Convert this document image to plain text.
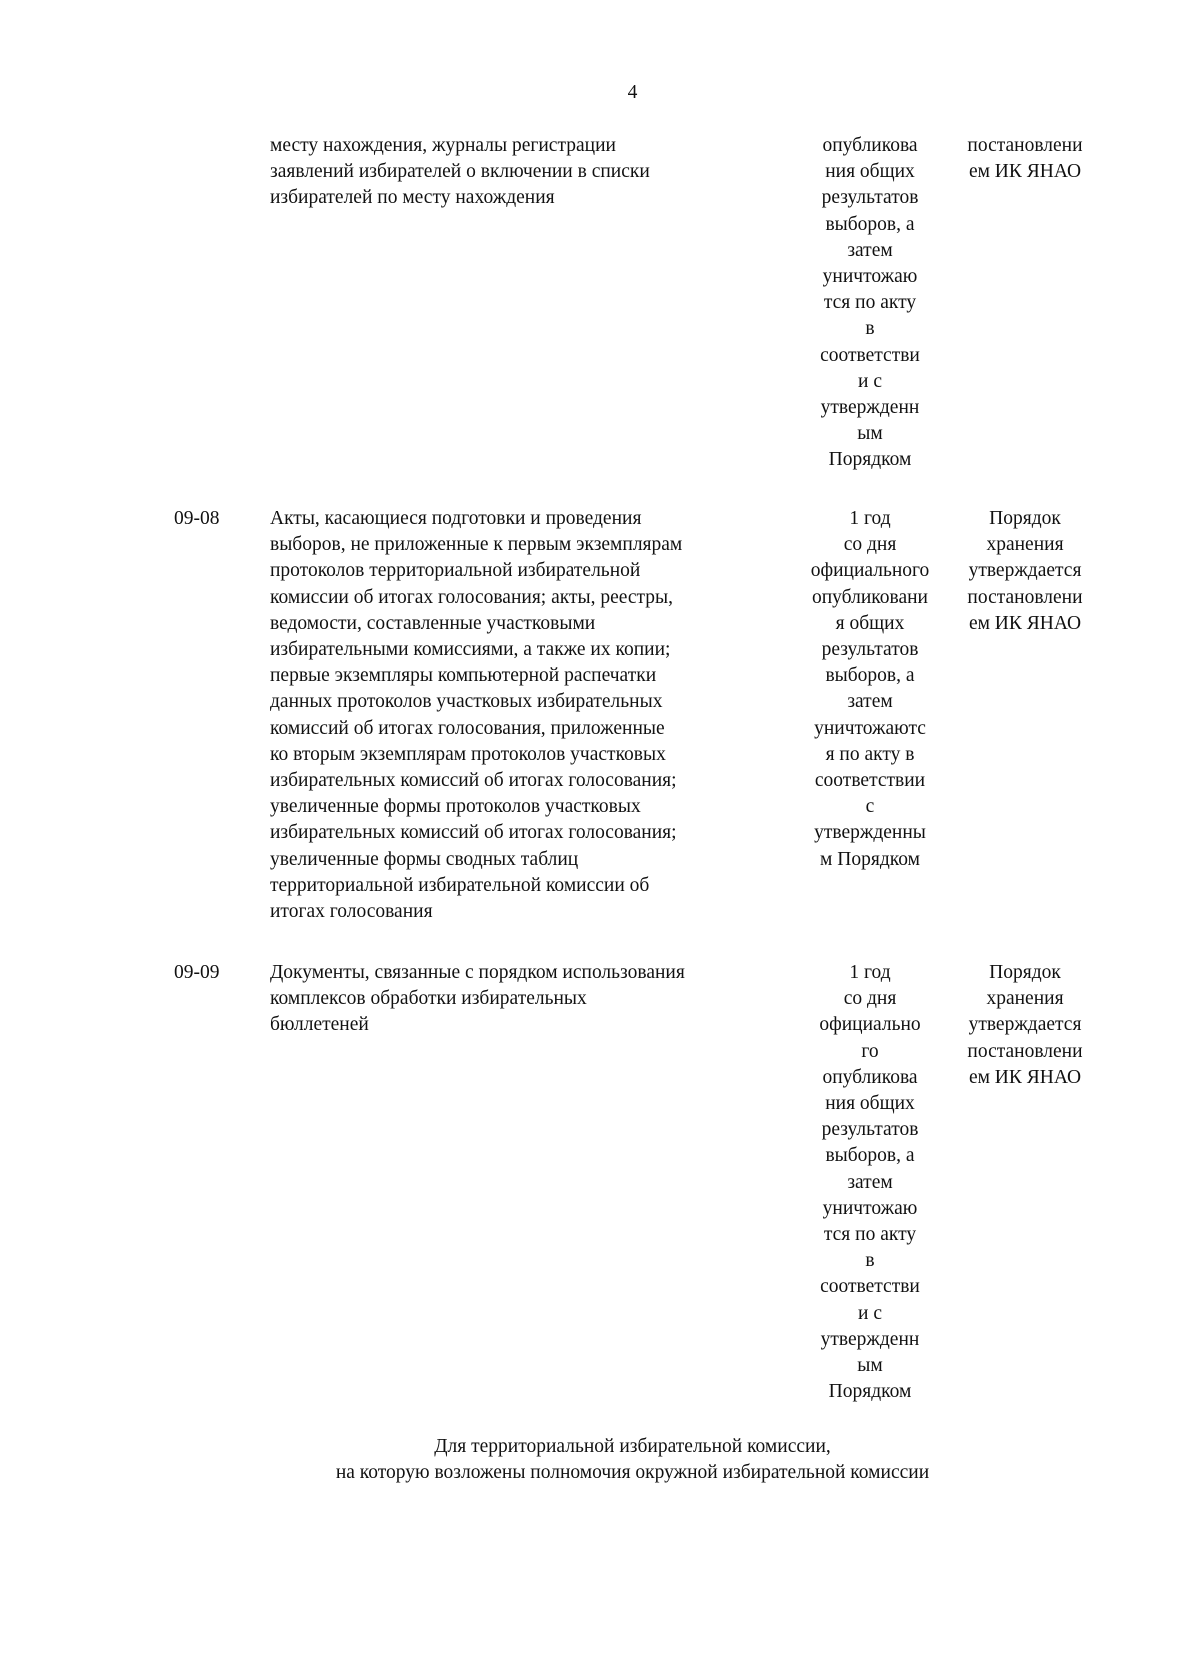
4
месту нахождения, журналы регистрации
заявлений избирателей о включении в списки
избирателей по месту нахождения
опубликова
ния общих
результатов
выборов, а
затем
уничтожаю
тся по акту
в
соответстви
и с
утвержденн
ым
Порядком
постановлени
ем ИК ЯНАО
09-08	Акты, касающиеся подготовки и проведения
выборов, не приложенные к первым экземплярам
протоколов территориальной избирательной
комиссии об итогах голосования; акты, реестры,
ведомости, составленные участковыми
избирательными комиссиями, а также их копии;
первые экземпляры компьютерной распечатки
данных протоколов участковых избирательных
комиссий об итогах голосования, приложенные
ко вторым экземплярам протоколов участковых
избирательных комиссий об итогах голосования;
увеличенные формы протоколов участковых
избирательных комиссий об итогах голосования;
увеличенные формы сводных таблиц
территориальной избирательной комиссии об
итогах голосования
1 год
со дня
официального
опубликовани
я общих
результатов
выборов, а
затем
уничтожаютс
я по акту в
соответствии
с
утвержденны
м Порядком
Порядок
хранения
утверждается
постановлени
ем ИК ЯНАО
09-09	Документы, связанные с порядком использования
комплексов обработки избирательных
бюллетеней
1 год
со дня
официально
го
опубликова
ния общих
результатов
выборов, а
затем
уничтожаю
тся по акту
в
соответстви
и с
утвержденн
ым
Порядком
Порядок
хранения
утверждается
постановлени
ем ИК ЯНАО
Для территориальной избирательной комиссии,
на которую возложены полномочия окружной избирательной комиссии
